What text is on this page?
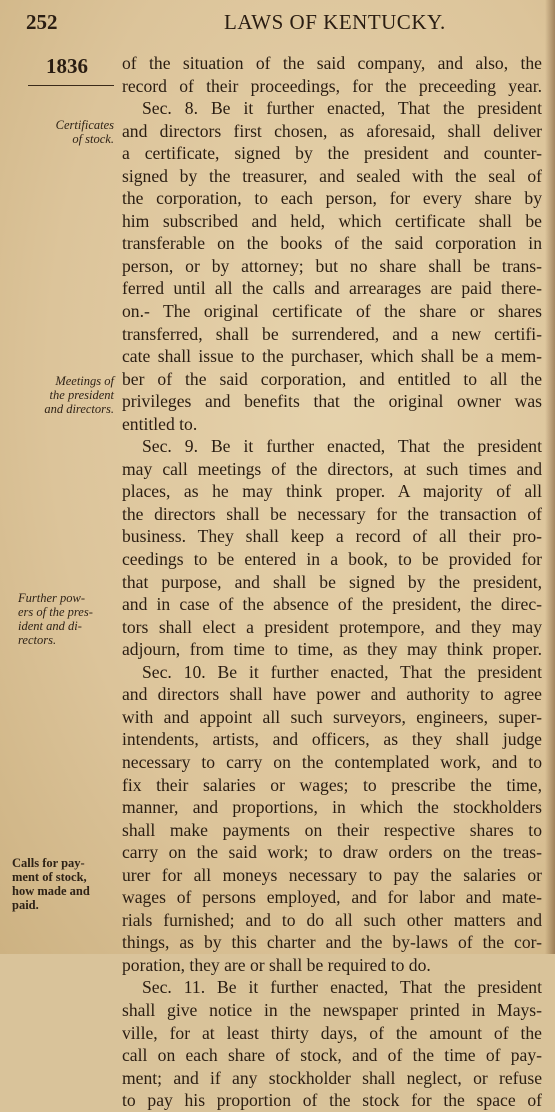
252	LAWS OF KENTUCKY.
1836
Certificates
of stock.
Meetings of
the president
and directors.
Further pow-
ers of the pres-
ident and di-
rectors.
Calls for pay-
ment of stock,
how made and
paid.
of the situation of the said company, and also, the
record of their proceedings, for the preceeding year.
Sec. 8. Be it further enacted, That the president
and directors first chosen, as aforesaid, shall deliver
a certificate, signed by the president and counter-
signed by the treasurer, and sealed with the seal of
the corporation, to each person, for every share by
him subscribed and held, which certificate shall be
transferable on the books of the said corporation in
person, or by attorney; but no share shall be trans-
ferred until all the calls and arrearages are paid there-
on.- The original certificate of the share or shares
transferred, shall be surrendered, and a new certifi-
cate shall issue to the purchaser, which shall be a mem-
ber of the said corporation, and entitled to all the
privileges and benefits that the original owner was
entitled to.
Sec. 9. Be it further enacted, That the president
may call meetings of the directors, at such times and
places, as he may think proper. A majority of all
the directors shall be necessary for the transaction of
business. They shall keep a record of all their pro-
ceedings to be entered in a book, to be provided for
that purpose, and shall be signed by the president,
and in case of the absence of the president, the direc-
tors shall elect a president protempore, and they may
adjourn, from time to time, as they may think proper.
Sec. 10. Be it further enacted, That the president
and directors shall have power and authority to agree
with and appoint all such surveyors, engineers, super-
intendents, artists, and officers, as they shall judge
necessary to carry on the contemplated work, and to
fix their salaries or wages; to prescribe the time,
manner, and proportions, in which the stockholders
shall make payments on their respective shares to
carry on the said work; to draw orders on the treas-
urer for all moneys necessary to pay the salaries or
wages of persons employed, and for labor and mate-
rials furnished; and to do all such other matters and
things, as by this charter and the by-laws of the cor-
poration, they are or shall be required to do.
Sec. 11. Be it further enacted, That the president
shall give notice in the newspaper printed in Mays-
ville, for at least thirty days, of the amount of the
call on each share of stock, and of the time of pay-
ment; and if any stockholder shall neglect, or refuse
to pay his proportion of the stock for the space of
